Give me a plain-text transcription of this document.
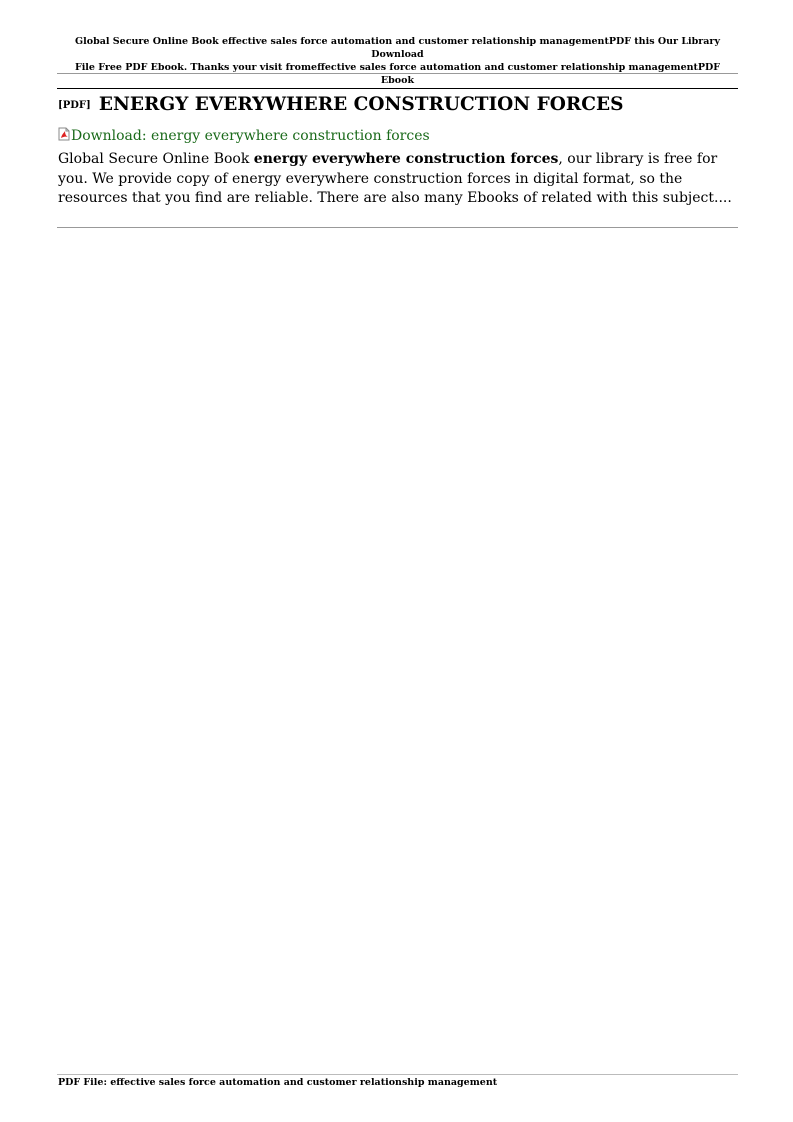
Global Secure Online Book effective sales force automation and customer relationship managementPDF this Our Library Download
File Free PDF Ebook. Thanks your visit fromeffective sales force automation and customer relationship managementPDF Ebook
[PDF] ENERGY EVERYWHERE CONSTRUCTION FORCES
Download: energy everywhere construction forces
Global Secure Online Book energy everywhere construction forces, our library is free for you. We provide copy of energy everywhere construction forces in digital format, so the resources that you find are reliable. There are also many Ebooks of related with this subject....
PDF File: effective sales force automation and customer relationship management
